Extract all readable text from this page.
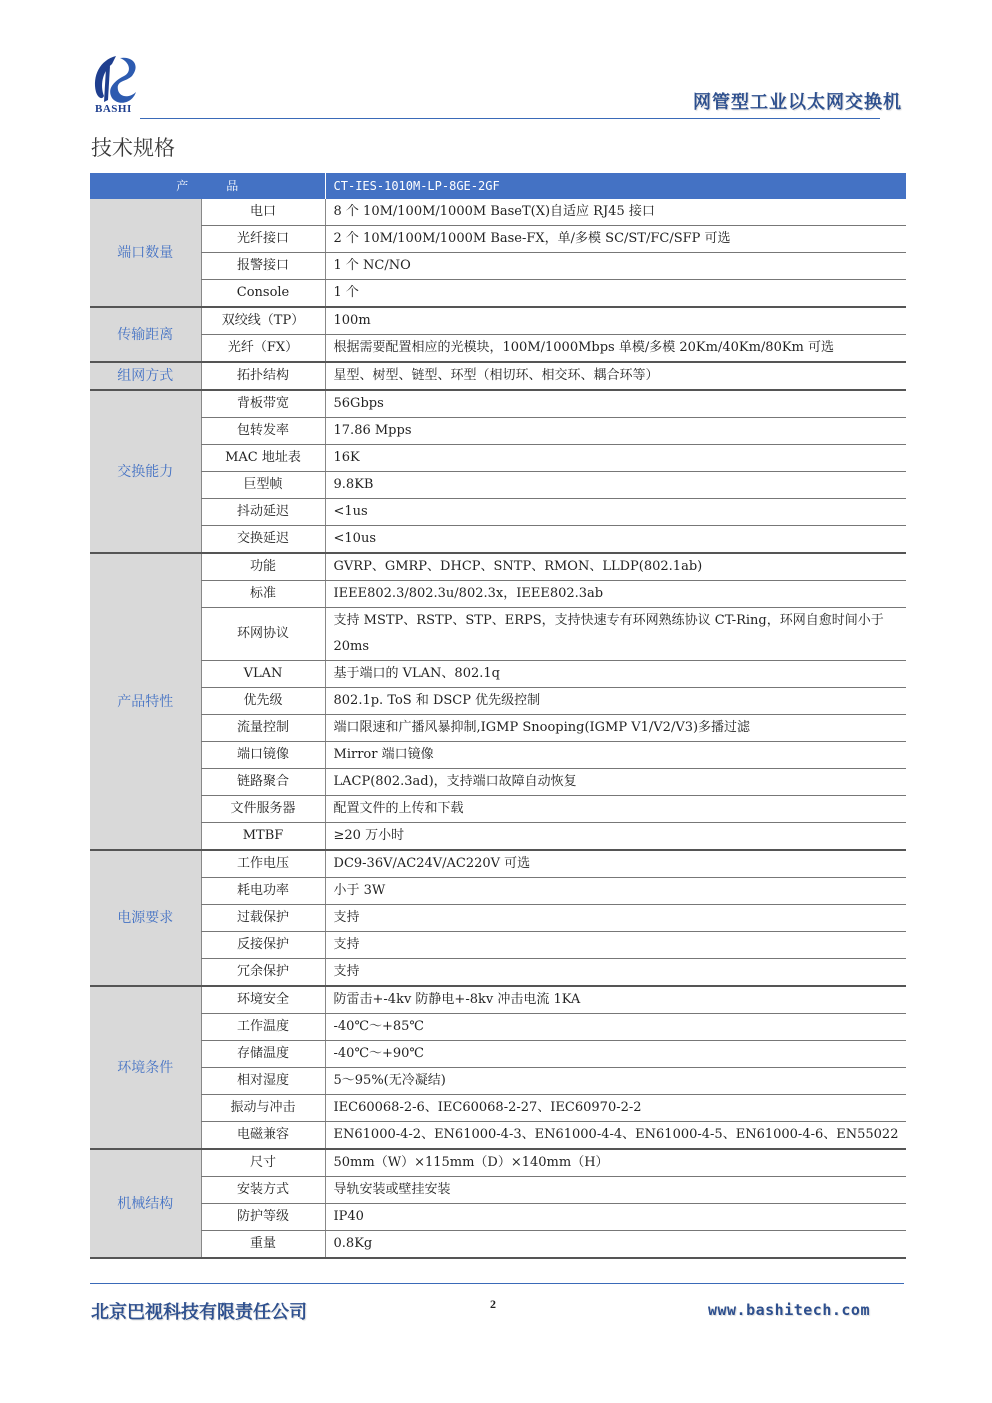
BASHI	网管型工业以太网交换机
技术规格
产品		CT-IES-1010M-LP-8GE-2GF
端口数量	电口	8 个 10M/100M/1000M BaseT(X)自适应 RJ45 接口
	光纤接口	2 个 10M/100M/1000M Base-FX，单/多模 SC/ST/FC/SFP 可选
	报警接口	1 个 NC/NO
	Console	1 个
传输距离	双绞线（TP）	100m
	光纤（FX）	根据需要配置相应的光模块，100M/1000Mbps 单模/多模 20Km/40Km/80Km 可选
组网方式	拓扑结构	星型、树型、链型、环型（相切环、相交环、耦合环等）
交换能力	背板带宽	56Gbps
	包转发率	17.86 Mpps
	MAC 地址表	16K
	巨型帧	9.8KB
	抖动延迟	<1us
	交换延迟	<10us
产品特性	功能	GVRP、GMRP、DHCP、SNTP、RMON、LLDP(802.1ab)
	标准	IEEE802.3/802.3u/802.3x，IEEE802.3ab
	环网协议	支持 MSTP、RSTP、STP、ERPS，支持快速专有环网熟练协议 CT-Ring，环网自愈时间小于 20ms
	VLAN	基于端口的 VLAN、802.1q
	优先级	802.1p. ToS 和 DSCP 优先级控制
	流量控制	端口限速和广播风暴抑制,IGMP Snooping(IGMP V1/V2/V3)多播过滤
	端口镜像	Mirror 端口镜像
	链路聚合	LACP(802.3ad)，支持端口故障自动恢复
	文件服务器	配置文件的上传和下载
	MTBF	≥20 万小时
电源要求	工作电压	DC9-36V/AC24V/AC220V 可选
	耗电功率	小于 3W
	过载保护	支持
	反接保护	支持
	冗余保护	支持
环境条件	环境安全	防雷击+-4kv 防静电+-8kv 冲击电流 1KA
	工作温度	-40℃～+85℃
	存储温度	-40℃～+90℃
	相对湿度	5～95%(无冷凝结)
	振动与冲击	IEC60068-2-6、IEC60068-2-27、IEC60970-2-2
	电磁兼容	EN61000-4-2、EN61000-4-3、EN61000-4-4、EN61000-4-5、EN61000-4-6、EN55022
机械结构	尺寸	50mm（W）×115mm（D）×140mm（H）
	安装方式	导轨安装或壁挂安装
	防护等级	IP40
	重量	0.8Kg
北京巴视科技有限责任公司	2	www.bashitech.com
